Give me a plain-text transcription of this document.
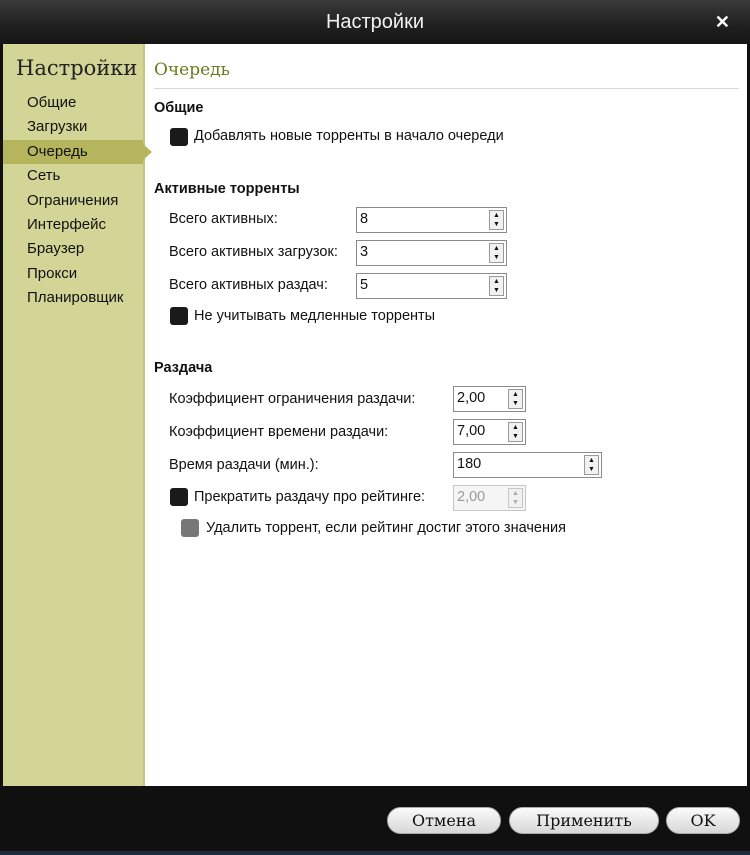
Настройки	✕
Настройки
Общие
Загрузки
Очередь
Сеть
Ограничения
Интерфейс
Браузер
Прокси
Планировщик
Очередь
Общие
Добавлять новые торренты в начало очереди
Активные торренты
Всего активных:
8	▲
▼
Всего активных загрузок:
3	▲
▼
Всего активных раздач:
5	▲
▼
Не учитывать медленные торренты
Раздача
Коэффициент ограничения раздачи:
2,00	▲
▼
Коэффициент времени раздачи:
7,00	▲
▼
Время раздачи (мин.):
180	▲
▼
Прекратить раздачу про рейтинге:
2,00	▲
▼
Удалить торрент, если рейтинг достиг этого значения
Отмена	Применить	OK
